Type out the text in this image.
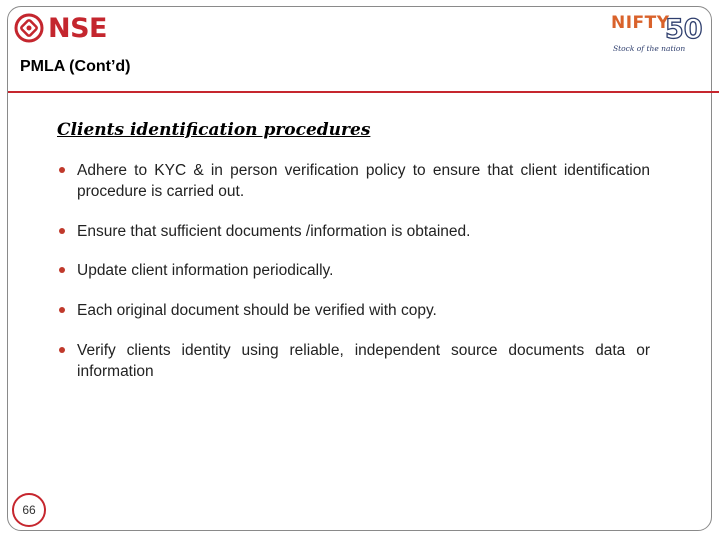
NSE	NIFTY
50
Stock of the nation
PMLA (Cont’d)
Clients identification procedures
Adhere to KYC & in person verification policy to ensure that client identification procedure is carried out.
Ensure that sufficient documents /information is obtained.
Update client information periodically.
Each original document should be verified with copy.
Verify clients identity using reliable, independent source documents data or information
66
